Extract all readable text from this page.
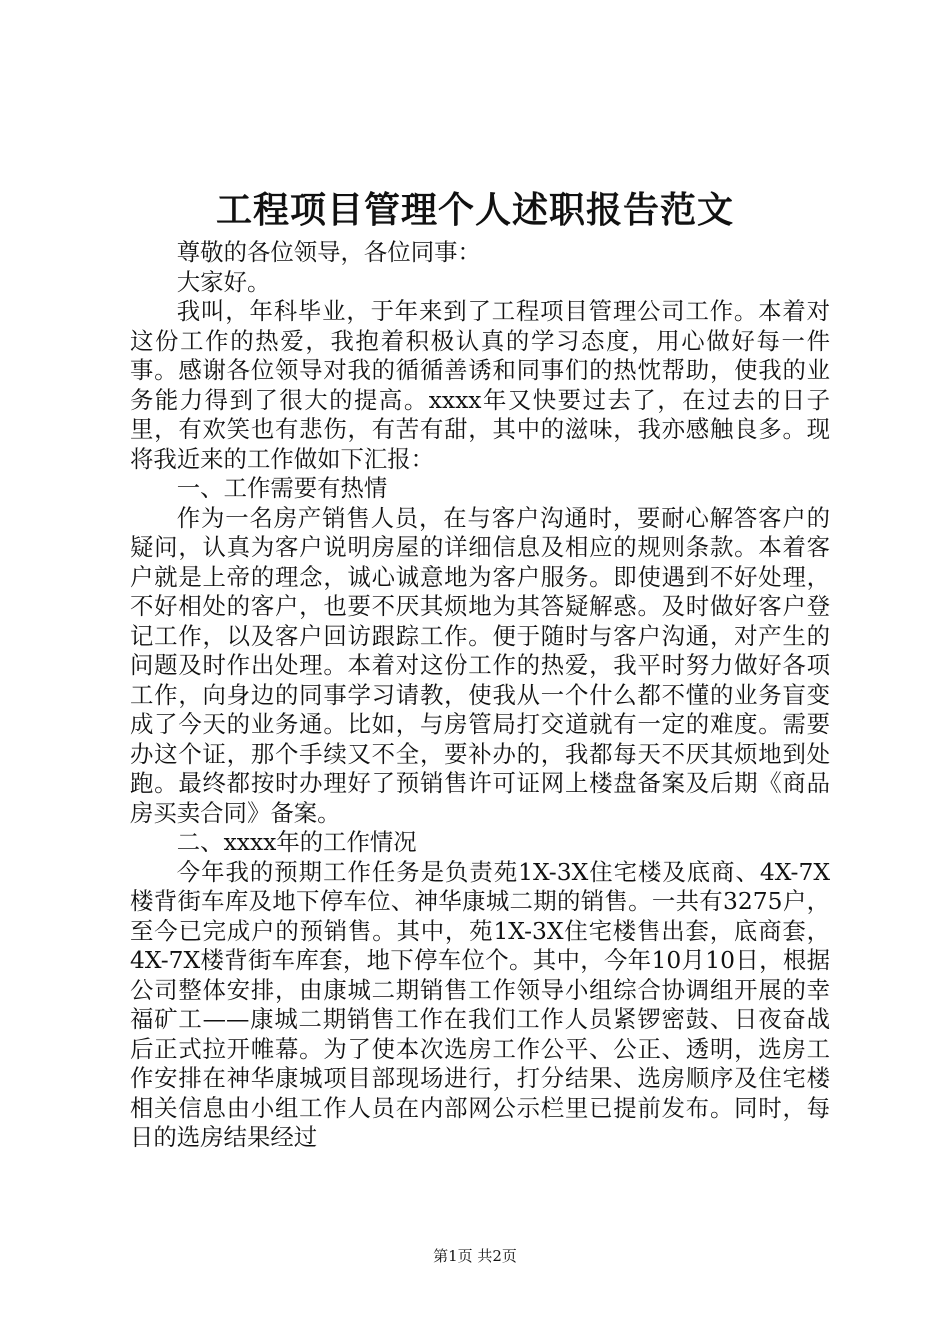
工程项目管理个人述职报告范文

尊敬的各位领导，各位同事：

大家好。

我叫，年科毕业，于年来到了工程项目管理公司工作。本着对这份工作的热爱，我抱着积极认真的学习态度，用心做好每一件事。感谢各位领导对我的循循善诱和同事们的热忱帮助，使我的业务能力得到了很大的提高。xxxx年又快要过去了，在过去的日子里，有欢笑也有悲伤，有苦有甜，其中的滋味，我亦感触良多。现将我近来的工作做如下汇报：

一、工作需要有热情

作为一名房产销售人员，在与客户沟通时，要耐心解答客户的疑问，认真为客户说明房屋的详细信息及相应的规则条款。本着客户就是上帝的理念，诚心诚意地为客户服务。即使遇到不好处理，不好相处的客户，也要不厌其烦地为其答疑解惑。及时做好客户登记工作，以及客户回访跟踪工作。便于随时与客户沟通，对产生的问题及时作出处理。本着对这份工作的热爱，我平时努力做好各项工作，向身边的同事学习请教，使我从一个什么都不懂的业务盲变成了今天的业务通。比如，与房管局打交道就有一定的难度。需要办这个证，那个手续又不全，要补办的，我都每天不厌其烦地到处跑。最终都按时办理好了预销售许可证网上楼盘备案及后期《商品房买卖合同》备案。

二、xxxx年的工作情况

今年我的预期工作任务是负责苑1X-3X住宅楼及底商、4X-7X楼背街车库及地下停车位、神华康城二期的销售。一共有3275户，至今已完成户的预销售。其中，苑1X-3X住宅楼售出套，底商套，4X-7X楼背街车库套，地下停车位个。其中，今年10月10日，根据公司整体安排，由康城二期销售工作领导小组综合协调组开展的幸福矿工——康城二期销售工作在我们工作人员紧锣密鼓、日夜奋战后正式拉开帷幕。为了使本次选房工作公平、公正、透明，选房工作安排在神华康城项目部现场进行，打分结果、选房顺序及住宅楼相关信息由小组工作人员在内部网公示栏里已提前发布。同时，每日的选房结果经过

第1页 共2页
